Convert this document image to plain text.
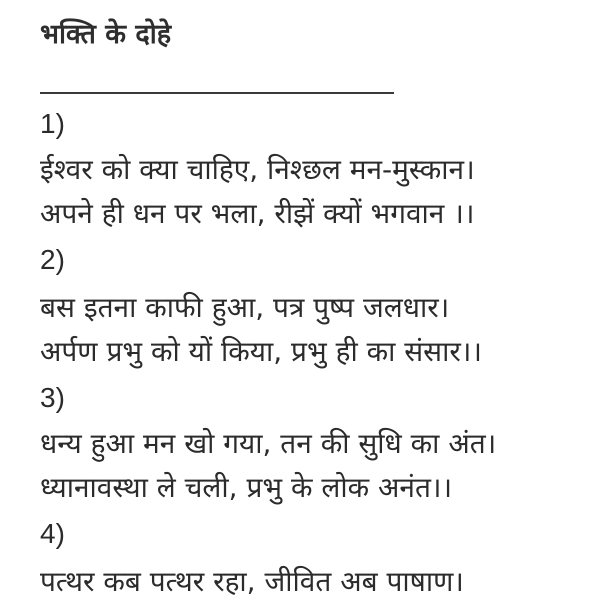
भक्ति के दोहे
1)
ईश्वर को क्या चाहिए, निश्छल मन-मुस्कान।
अपने ही धन पर भला, रीझें क्यों भगवान ।।
2)
बस इतना काफी हुआ, पत्र पुष्प जलधार।
अर्पण प्रभु को यों किया, प्रभु ही का संसार।।
3)
धन्य हुआ मन खो गया, तन की सुधि का अंत।
ध्यानावस्था ले चली, प्रभु के लोक अनंत।।
4)
पत्थर कब पत्थर रहा, जीवित अब पाषाण।
